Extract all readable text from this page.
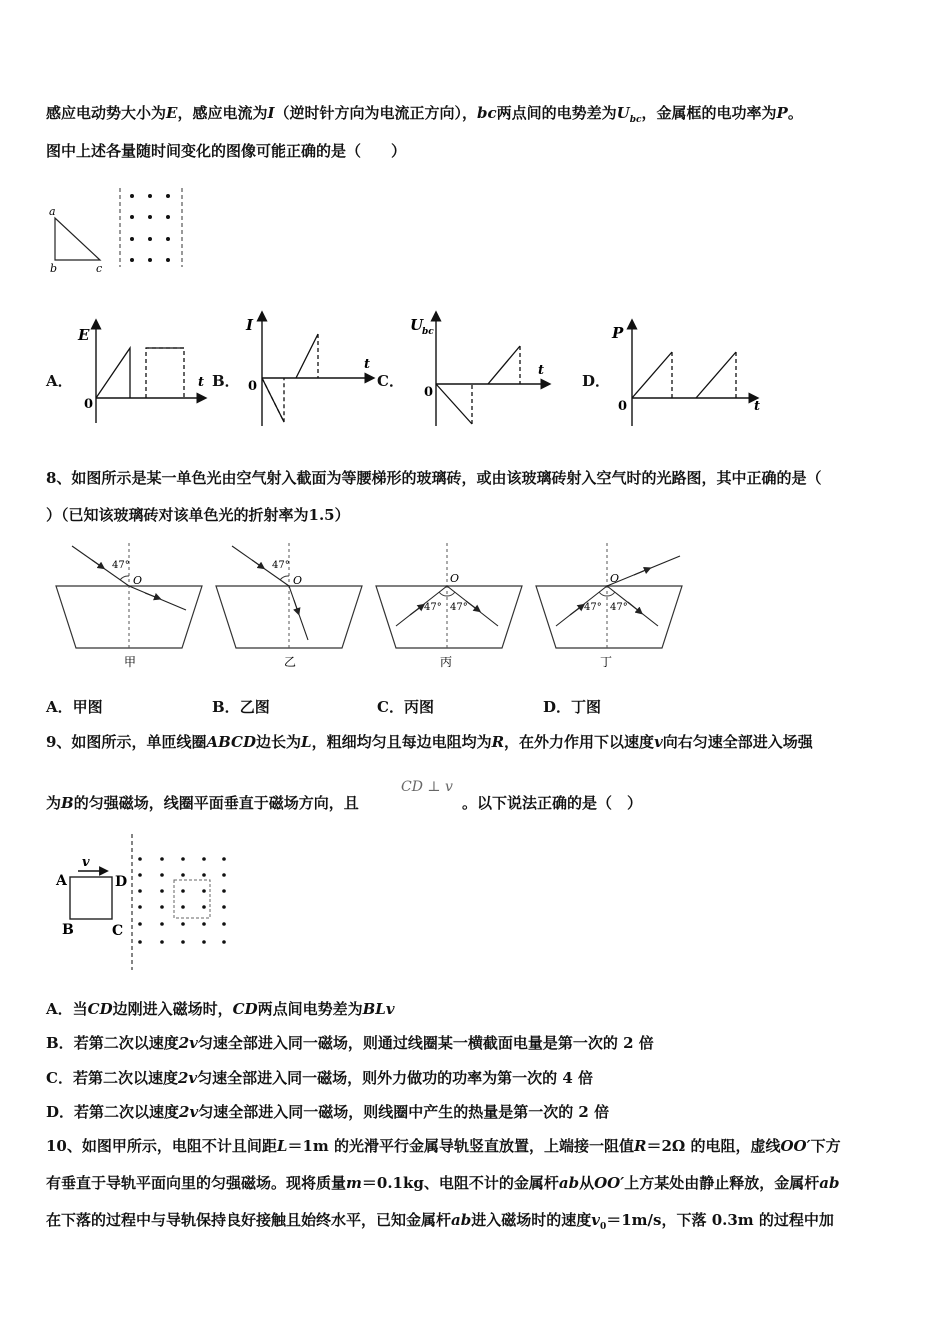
感应电动势大小为E，感应电流为I（逆时针方向为电流正方向），bc两点间的电势差为$U_{bc}$，金属框的电功率为P。
图中上述各量随时间变化的图像可能正确的是（　　）
a
b	c
A．
E
t
0
B．
I
t
0	C．
U
bc
t
0
D．
P
t
0
8、如图所示是某一单色光由空气射入截面为等腰梯形的玻璃砖，或由该玻璃砖射入空气时的光路图，其中正确的是（
）（已知该玻璃砖对该单色光的折射率为1.5）
47°
O
甲
47°
O
乙
47° 47°
O
丙
47° 47°
O
丁
A．甲图	B．乙图	C．丙图	D．丁图
9、如图所示，单匝线圈ABCD边长为L，粗细均匀且每边电阻均为R，在外力作用下以速度v向右匀速全部进入场强
为B的匀强磁场，线圈平面垂直于磁场方向，且
CD ⊥ v
。以下说法正确的是（　）
v
A
B	C
D
A．当CD边刚进入磁场时，CD两点间电势差为BLv
B．若第二次以速度2v匀速全部进入同一磁场，则通过线圈某一横截面电量是第一次的 2 倍
C．若第二次以速度2v匀速全部进入同一磁场，则外力做功的功率为第一次的 4 倍
D．若第二次以速度2v匀速全部进入同一磁场，则线圈中产生的热量是第一次的 2 倍
10、如图甲所示，电阻不计且间距L＝1m 的光滑平行金属导轨竖直放置，上端接一阻值R＝2Ω 的电阻，虚线OO′下方
有垂直于导轨平面向里的匀强磁场。现将质量m＝0.1kg、电阻不计的金属杆ab从OO′上方某处由静止释放，金属杆ab
在下落的过程中与导轨保持良好接触且始终水平，已知金属杆ab进入磁场时的速度$v_0=1m/s$，下落 0.3m 的过程中加
